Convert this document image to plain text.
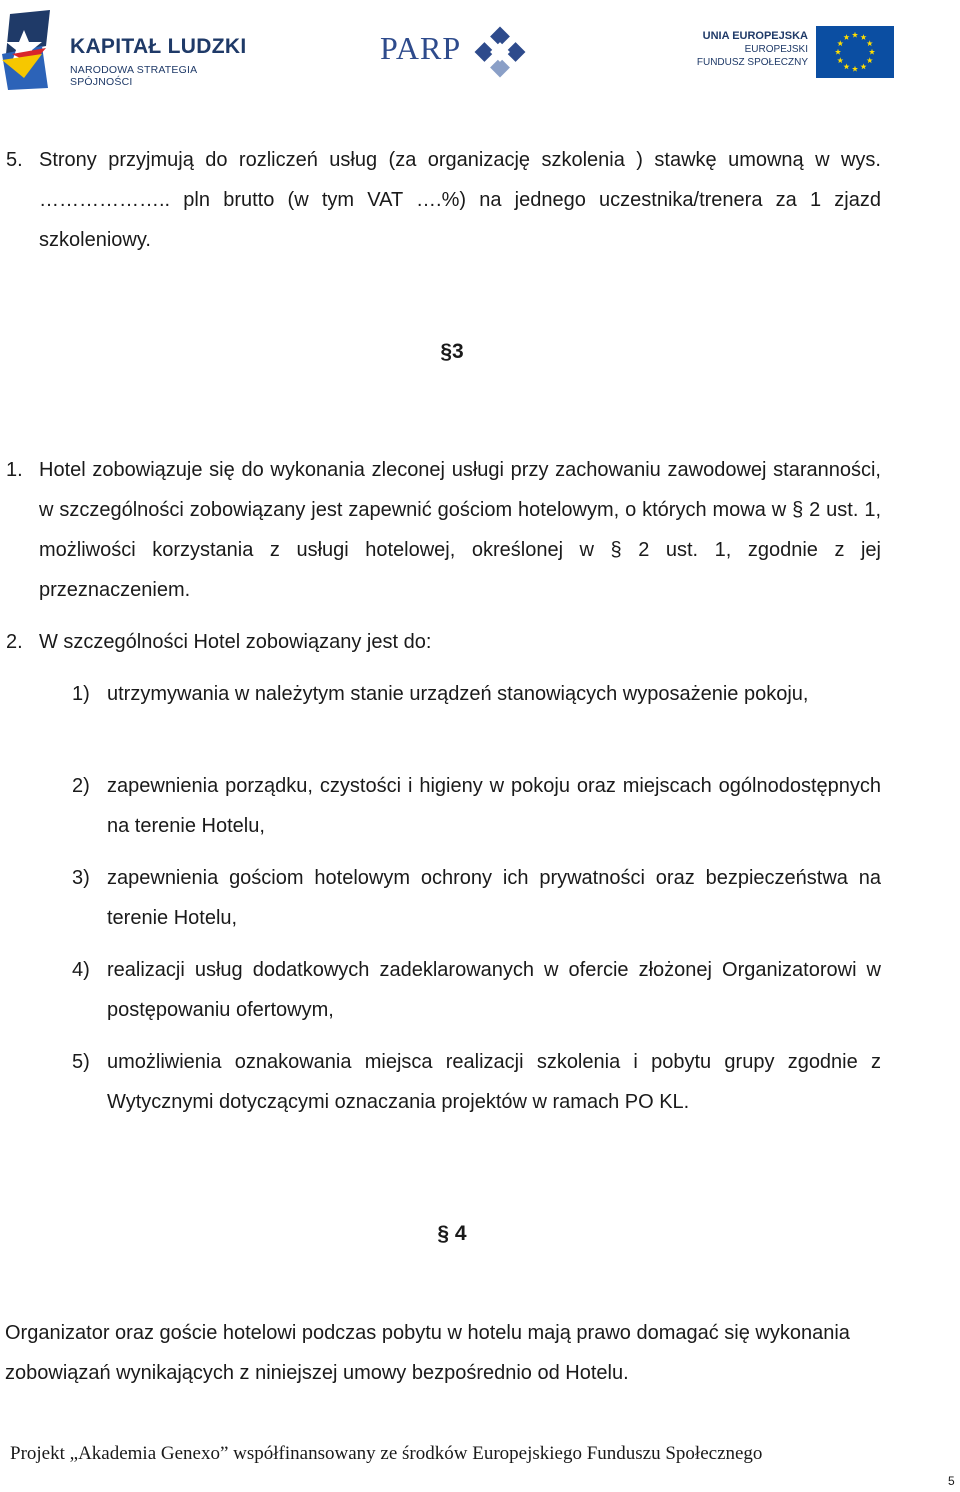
KAPITAŁ LUDZKI
NARODOWA STRATEGIA SPÓJNOŚCI
PARP	UNIA EUROPEJSKA
EUROPEJSKI
FUNDUSZ SPOŁECZNY
5. Strony przyjmują do rozliczeń usług (za organizację szkolenia ) stawkę umowną w wys. ……………….. pln brutto (w tym VAT ….%) na jednego uczestnika/trenera za 1 zjazd szkoleniowy.
§3
1. Hotel zobowiązuje się do wykonania zleconej usługi przy zachowaniu zawodowej staranności, w szczególności zobowiązany jest zapewnić gościom hotelowym, o których mowa w § 2 ust. 1, możliwości korzystania z usługi hotelowej, określonej w § 2 ust. 1, zgodnie z jej przeznaczeniem.
2. W szczególności Hotel zobowiązany jest do:
1) utrzymywania w należytym stanie urządzeń stanowiących wyposażenie pokoju,
2) zapewnienia porządku, czystości i higieny w pokoju oraz miejscach ogólnodostępnych na terenie Hotelu,
3) zapewnienia gościom hotelowym ochrony ich prywatności oraz bezpieczeństwa na terenie Hotelu,
4) realizacji usług dodatkowych zadeklarowanych w ofercie złożonej Organizatorowi w postępowaniu ofertowym,
5) umożliwienia oznakowania miejsca realizacji szkolenia i pobytu grupy zgodnie z Wytycznymi dotyczącymi oznaczania projektów w ramach PO KL.
§ 4
Organizator oraz goście hotelowi podczas pobytu w hotelu mają prawo domagać się wykonania zobowiązań wynikających z niniejszej umowy bezpośrednio od Hotelu.
Projekt „Akademia Genexo” współfinansowany ze środków Europejskiego Funduszu Społecznego
5
